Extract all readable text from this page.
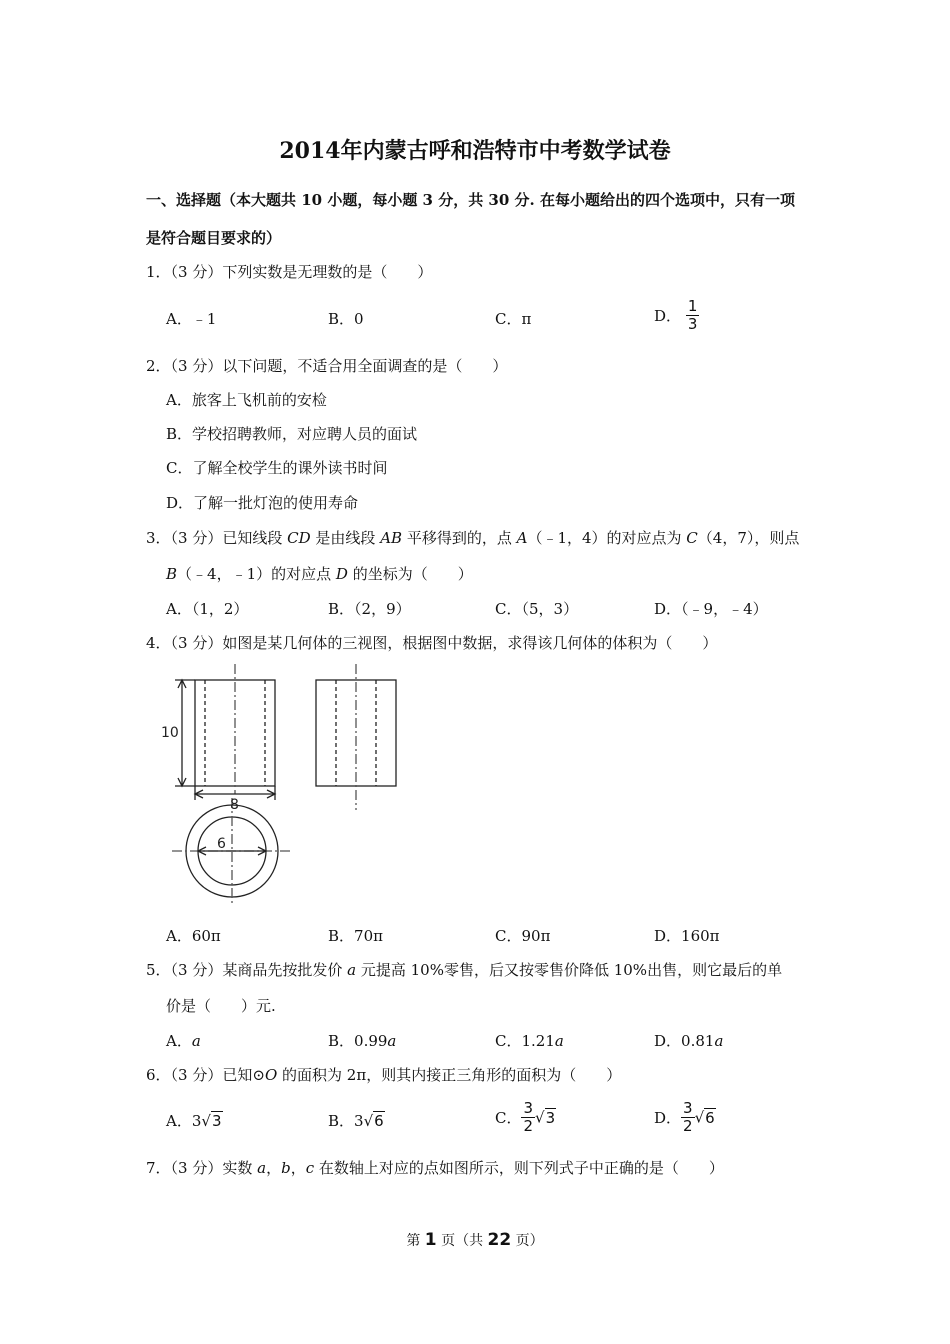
2014年内蒙古呼和浩特市中考数学试卷
一、选择题（本大题共 10 小题，每小题 3 分，共 30 分. 在每小题给出的四个选项中，只有一项
是符合题目要求的）
1．（3 分）下列实数是无理数的是（　　）
A．﹣1	B．0	C．π	D． $\frac{1}{3}$
2．（3 分）以下问题，不适合用全面调查的是（　　）
A．旅客上飞机前的安检
B．学校招聘教师，对应聘人员的面试
C．了解全校学生的课外读书时间
D．了解一批灯泡的使用寿命
3．（3 分）已知线段 CD 是由线段 AB 平移得到的，点 A（﹣1，4）的对应点为 C（4，7），则点
B（﹣4，﹣1）的对应点 D 的坐标为（　　）
A．（1，2）	B．（2，9）	C．（5，3）	D．（﹣9，﹣4）
4．（3 分）如图是某几何体的三视图，根据图中数据，求得该几何体的体积为（　　）
10
8
6
A．60π	B．70π	C．90π	D．160π
5．（3 分）某商品先按批发价 a 元提高 10%零售，后又按零售价降低 10%出售，则它最后的单
价是（　　）元.
A．a	B．0.99a	C．1.21a	D．0.81a
6．（3 分）已知⊙O 的面积为 2π，则其内接正三角形的面积为（　　）
A．3√3	B．3√6	C． $\frac{3}{2} √3$	D． $\frac{3}{2} √6$
7．（3 分）实数 a，b，c 在数轴上对应的点如图所示，则下列式子中正确的是（　　）
第 1 页（共 22 页）
